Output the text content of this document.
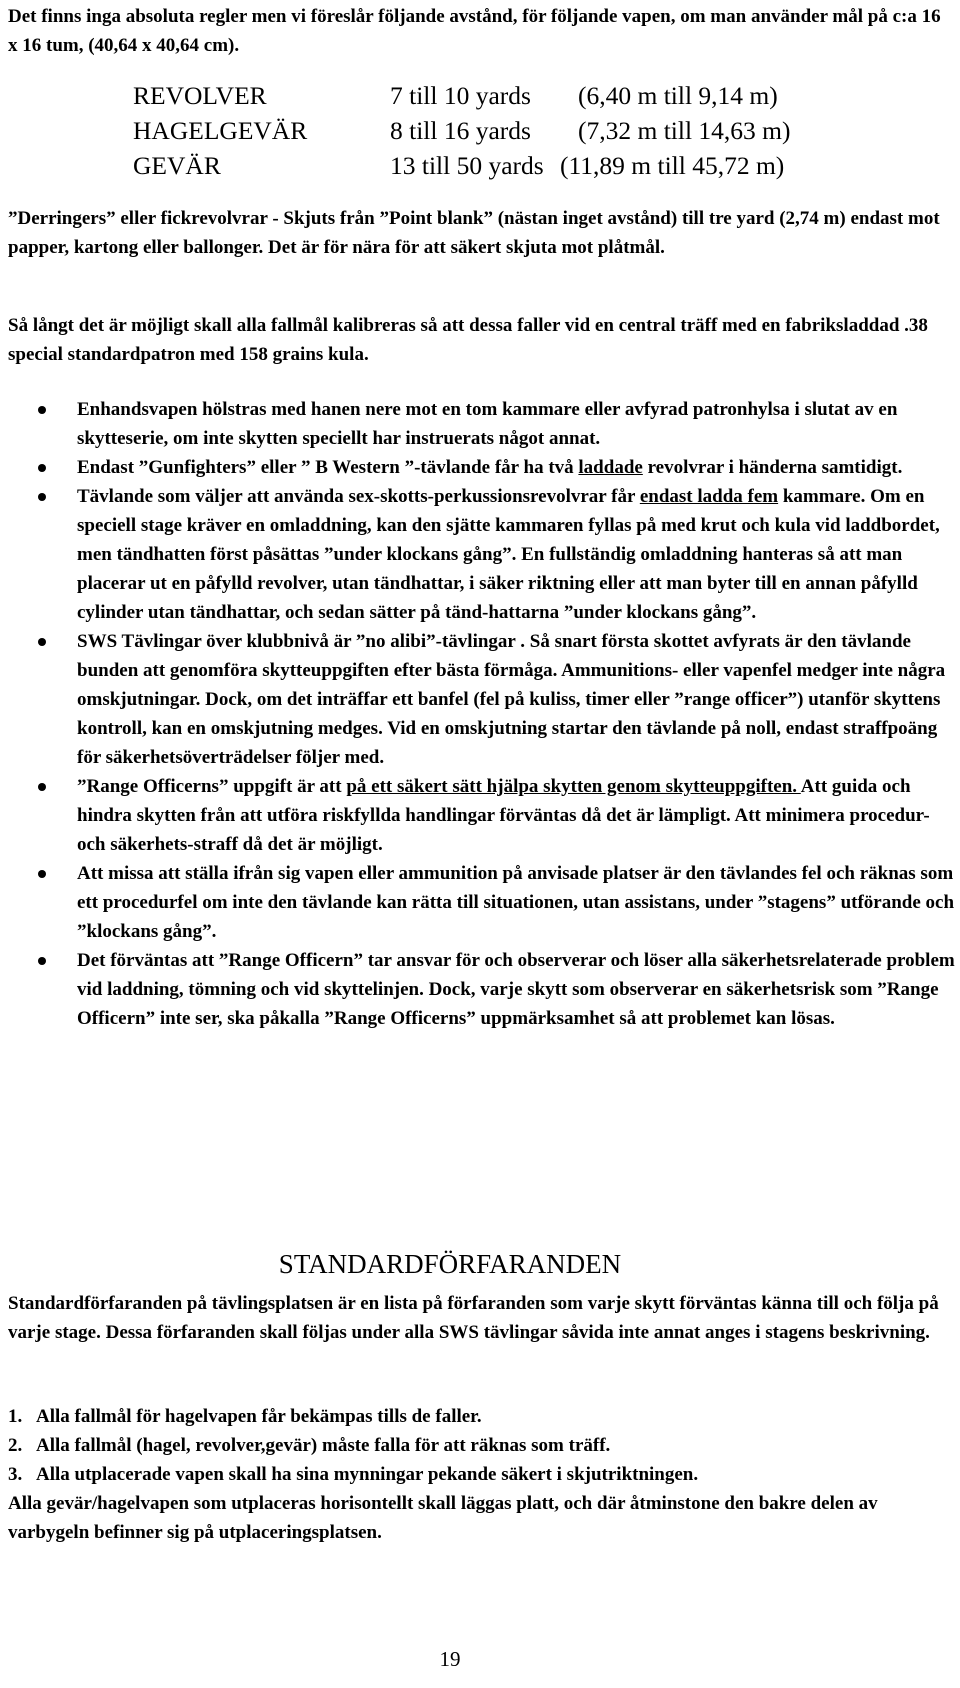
Det finns inga absoluta regler men vi föreslår följande avstånd, för följande vapen, om man använder mål på c:a 16 x 16 tum, (40,64 x 40,64 cm).

REVOLVER	7 till 10 yards (6,40 m till 9,14 m)
HAGELGEVÄR	8 till 16 yards (7,32 m till 14,63 m)
GEVÄR	13 till 50 yards (11,89 m till 45,72 m)

”Derringers” eller fickrevolvrar - Skjuts från ”Point blank” (nästan inget avstånd) till tre yard (2,74 m) endast mot papper, kartong eller ballonger. Det är för nära för att säkert skjuta mot plåtmål.

Så långt det är möjligt skall alla fallmål kalibreras så att dessa faller vid en central träff med en fabriksladdad .38 special standardpatron med 158 grains kula.

Enhandsvapen hölstras med hanen nere mot en tom kammare eller avfyrad patronhylsa i slutat av en skytteserie, om inte skytten speciellt har instruerats något annat.
Endast ”Gunfighters” eller ” B Western ”-tävlande får ha två laddade revolvrar i händerna samtidigt.
Tävlande som väljer att använda sex-skotts-perkussionsrevolvrar får endast ladda fem kammare. Om en speciell stage kräver en omladdning, kan den sjätte kammaren fyllas på med krut och kula vid laddbordet, men tändhatten först påsättas ”under klockans gång”. En fullständig omladdning hanteras så att man placerar ut en påfylld revolver, utan tändhattar, i säker riktning eller att man byter till en annan påfylld cylinder utan tändhattar, och sedan sätter på tänd-hattarna ”under klockans gång”.
SWS Tävlingar över klubbnivå är ”no alibi”-tävlingar . Så snart första skottet avfyrats är den tävlande bunden att genomföra skytteuppgiften efter bästa förmåga. Ammunitions- eller vapenfel medger inte några omskjutningar. Dock, om det inträffar ett banfel (fel på kuliss, timer eller ”range officer”) utanför skyttens kontroll, kan en omskjutning medges. Vid en omskjutning startar den tävlande på noll, endast straffpoäng för säkerhetsöverträdelser följer med.
”Range Officerns” uppgift är att på ett säkert sätt hjälpa skytten genom skytteuppgiften. Att guida och hindra skytten från att utföra riskfyllda handlingar förväntas då det är lämpligt. Att minimera procedur- och säkerhets-straff då det är möjligt.
Att missa att ställa ifrån sig vapen eller ammunition på anvisade platser är den tävlandes fel och räknas som ett procedurfel om inte den tävlande kan rätta till situationen, utan assistans, under ”stagens” utförande och ”klockans gång”.
Det förväntas att ”Range Officern” tar ansvar för och observerar och löser alla säkerhetsrelaterade problem vid laddning, tömning och vid skyttelinjen. Dock, varje skytt som observerar en säkerhetsrisk som ”Range Officern” inte ser, ska påkalla ”Range Officerns” uppmärksamhet så att problemet kan lösas.
STANDARDFÖRFARANDEN

Standardförfaranden på tävlingsplatsen är en lista på förfaranden som varje skytt förväntas känna till och följa på varje stage. Dessa förfaranden skall följas under alla SWS tävlingar såvida inte annat anges i stagens beskrivning.

1. Alla fallmål för hagelvapen får bekämpas tills de faller.
2. Alla fallmål (hagel, revolver,gevär) måste falla för att räknas som träff.
3. Alla utplacerade vapen skall ha sina mynningar pekande säkert i skjutriktningen.

Alla gevär/hagelvapen som utplaceras horisontellt skall läggas platt, och där åtminstone den bakre delen av varbygeln befinner sig på utplaceringsplatsen.

19
